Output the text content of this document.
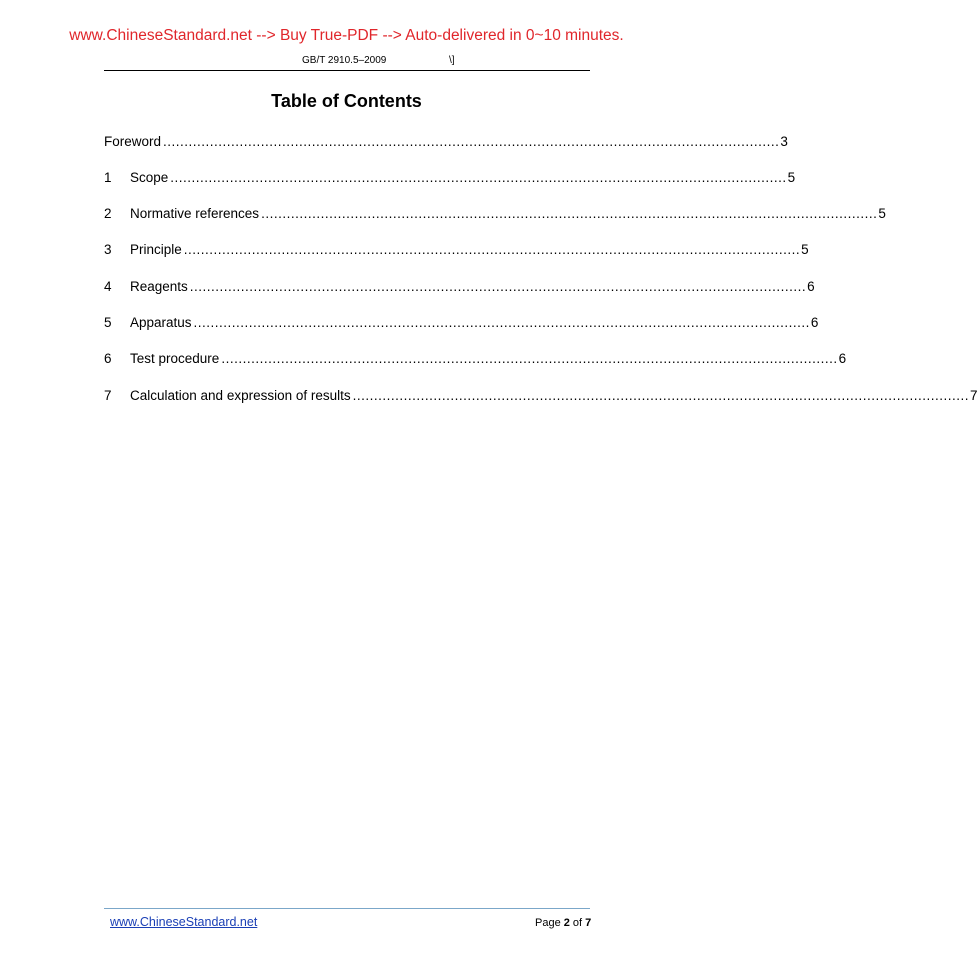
www.ChineseStandard.net --> Buy True-PDF --> Auto-delivered in 0~10 minutes.
GB/T 2910.5–2009	\]
Table of Contents
Foreword ................................................................................................................................................. 3
1	Scope ................................................................................................................................................. 5
2	Normative references ................................................................................................................................................. 5
3	Principle ................................................................................................................................................. 5
4	Reagents ................................................................................................................................................. 6
5	Apparatus ................................................................................................................................................. 6
6	Test procedure ................................................................................................................................................. 6
7	Calculation and expression of results ................................................................................................................................................. 7
www.ChineseStandard.net	Page 2 of 7
